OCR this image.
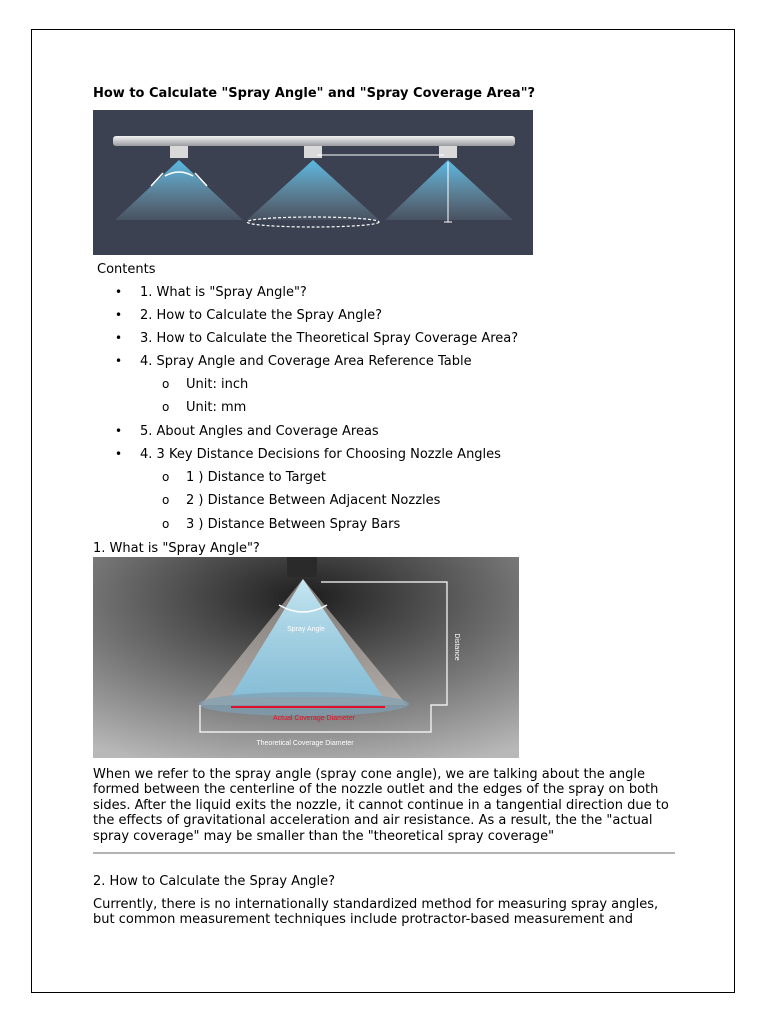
How to Calculate "Spray Angle" and "Spray Coverage Area"?
Contents
• 1. What is "Spray Angle"?
• 2. How to Calculate the Spray Angle?
• 3. How to Calculate the Theoretical Spray Coverage Area?
• 4. Spray Angle and Coverage Area Reference Table
o Unit: inch
o Unit: mm
• 5. About Angles and Coverage Areas
• 4. 3 Key Distance Decisions for Choosing Nozzle Angles
o 1 ) Distance to Target
o 2 ) Distance Between Adjacent Nozzles
o 3 ) Distance Between Spray Bars
1. What is "Spray Angle"?
Spray Angle
Distance
Actual Coverage Diameter
Theoretical Coverage Diameter

When we refer to the spray angle (spray cone angle), we are talking about the angle
formed between the centerline of the nozzle outlet and the edges of the spray on both
sides. After the liquid exits the nozzle, it cannot continue in a tangential direction due to
the effects of gravitational acceleration and air resistance. As a result, the the "actual
spray coverage" may be smaller than the "theoretical spray coverage"

2. How to Calculate the Spray Angle?

Currently, there is no internationally standardized method for measuring spray angles,
but common measurement techniques include protractor-based measurement and
